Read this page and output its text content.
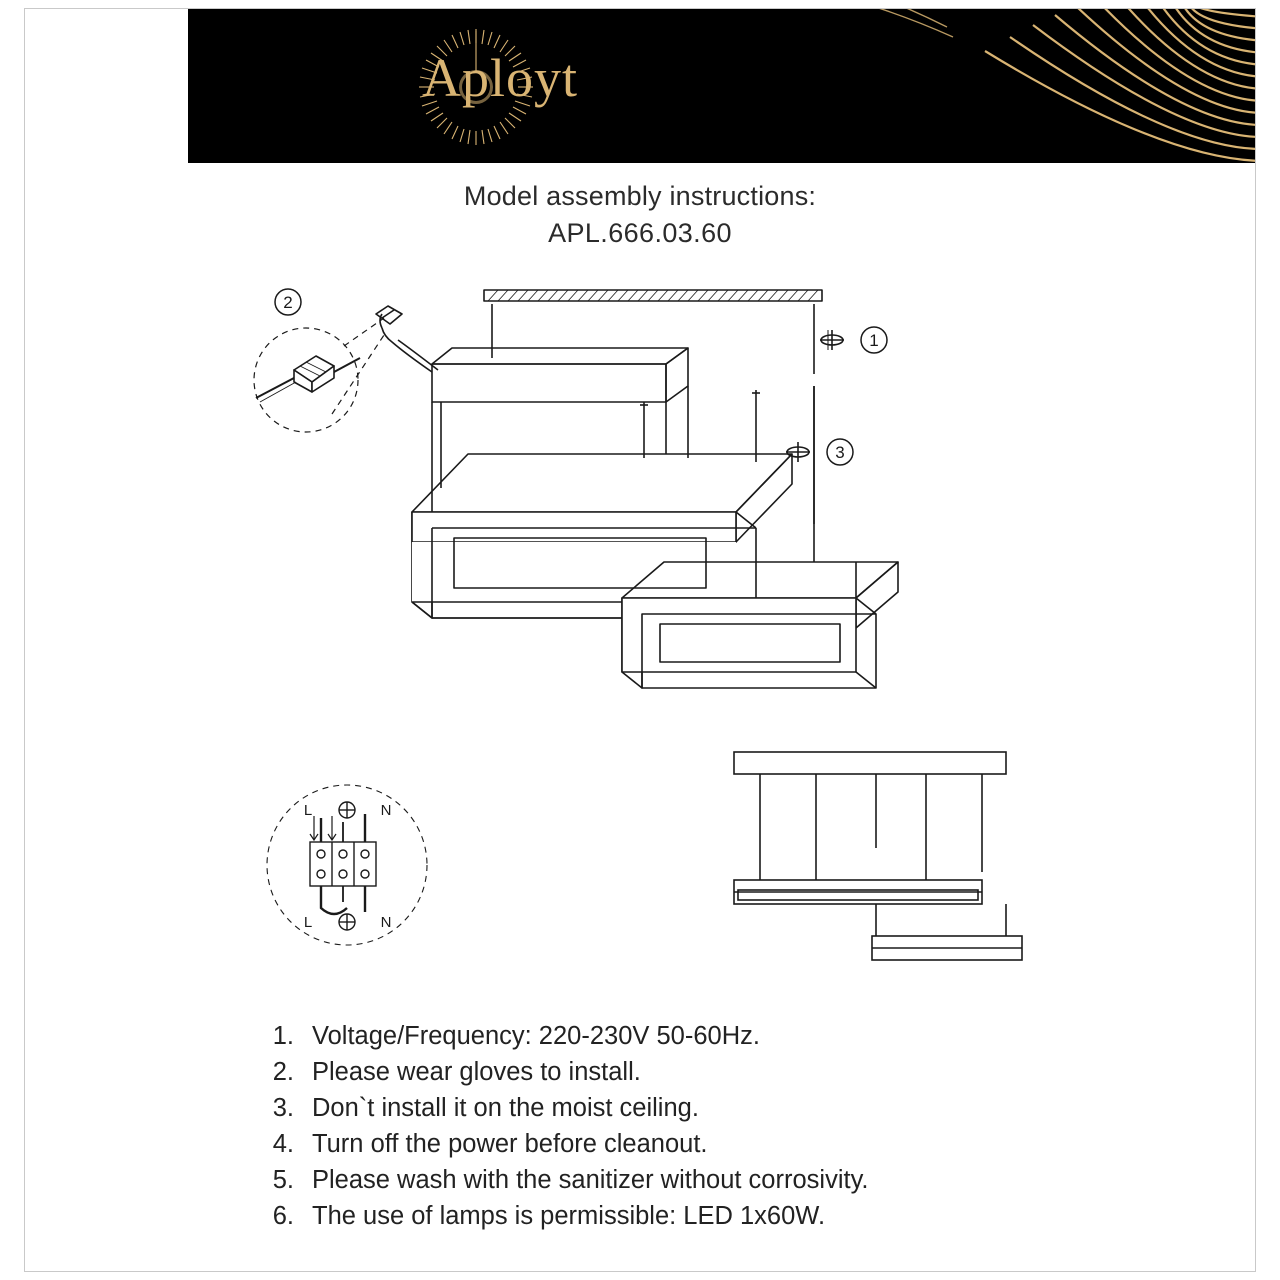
Aployt
Model assembly instructions:
APL.666.03.60
1
2
3
L	N
L	N
1. Voltage/Frequency: 220-230V 50-60Hz.
2. Please wear gloves to install.
3. Don`t install it on the moist ceiling.
4. Turn off the power before cleanout.
5. Please wash with the sanitizer without corrosivity.
6. The use of lamps is permissible: LED 1x60W.
